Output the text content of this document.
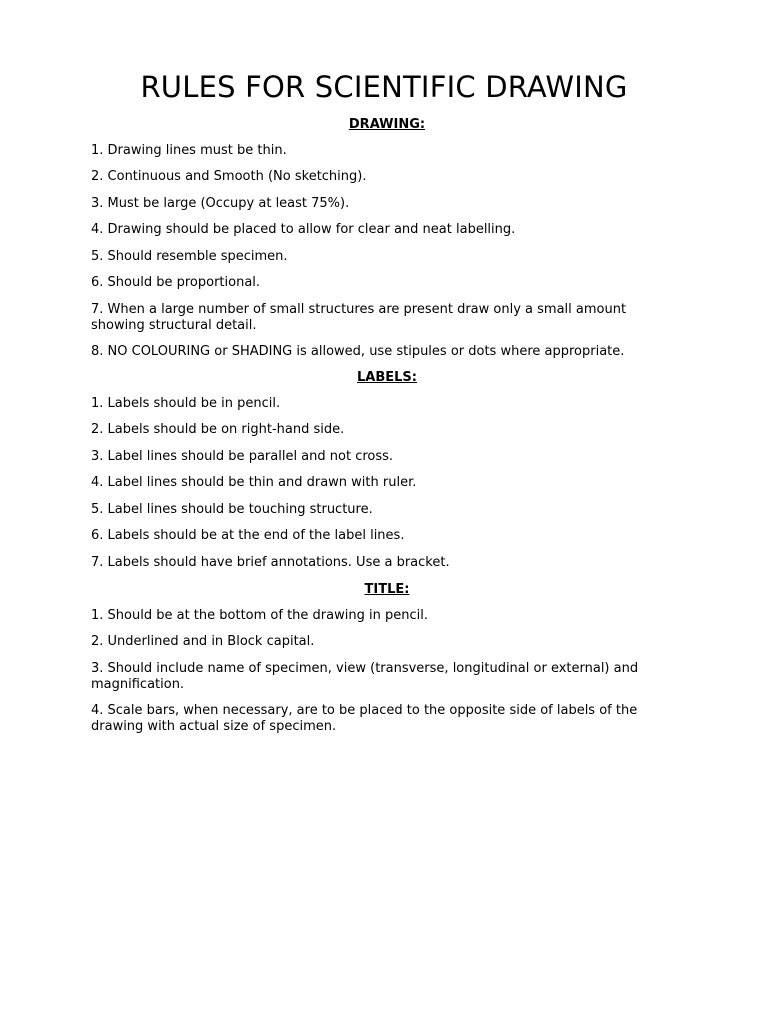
RULES FOR SCIENTIFIC DRAWING
DRAWING:
1. Drawing lines must be thin.
2. Continuous and Smooth (No sketching).
3. Must be large (Occupy at least 75%).
4. Drawing should be placed to allow for clear and neat labelling.
5. Should resemble specimen.
6. Should be proportional.
7. When a large number of small structures are present draw only a small amount showing structural detail.
8. NO COLOURING or SHADING is allowed, use stipules or dots where appropriate.
LABELS:
1. Labels should be in pencil.
2. Labels should be on right-hand side.
3. Label lines should be parallel and not cross.
4. Label lines should be thin and drawn with ruler.
5. Label lines should be touching structure.
6. Labels should be at the end of the label lines.
7. Labels should have brief annotations. Use a bracket.
TITLE:
1. Should be at the bottom of the drawing in pencil.
2. Underlined and in Block capital.
3. Should include name of specimen, view (transverse, longitudinal or external) and magnification.
4. Scale bars, when necessary, are to be placed to the opposite side of labels of the drawing with actual size of specimen.
